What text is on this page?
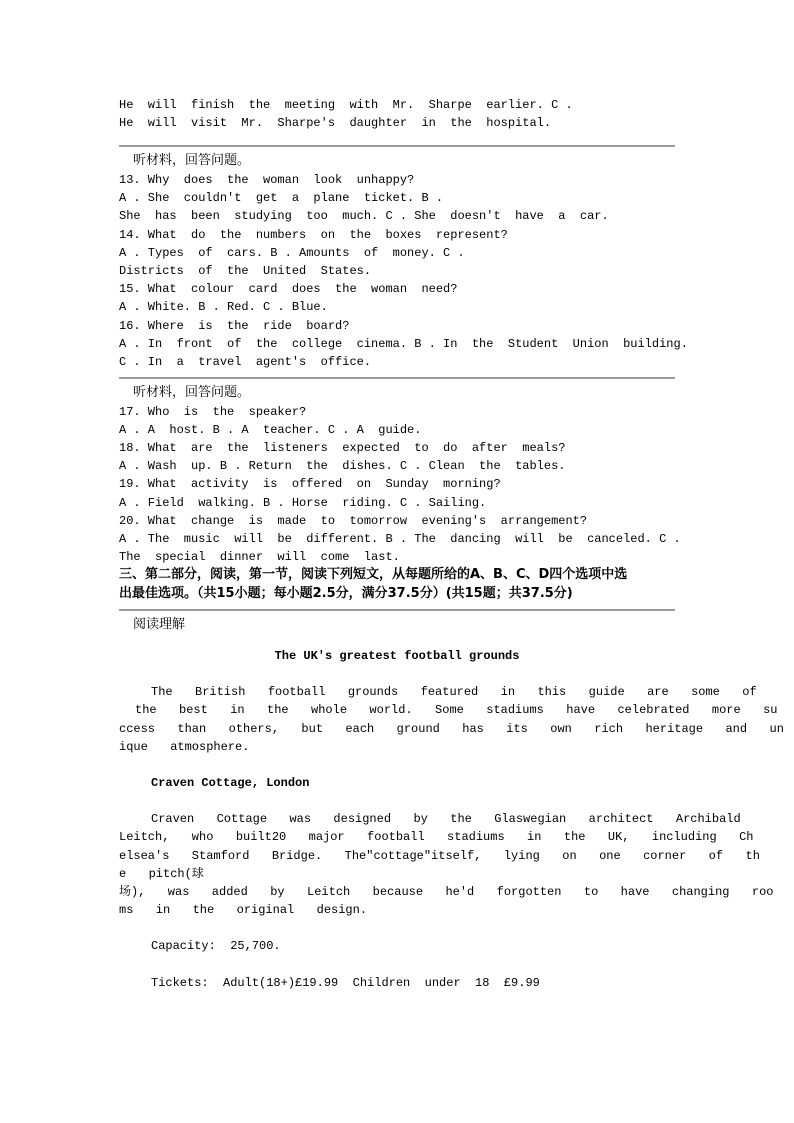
He  will  finish  the  meeting  with  Mr.  Sharpe  earlier. C .
He  will  visit  Mr.  Sharpe's  daughter  in  the  hospital.
听材料，回答问题。
13. Why  does  the  woman  look  unhappy?
A . She  couldn't  get  a  plane  ticket. B .
She  has  been  studying  too  much. C . She  doesn't  have  a  car.
14. What  do  the  numbers  on  the  boxes  represent?
A . Types  of  cars. B . Amounts  of  money. C .
Districts  of  the  United  States.
15. What  colour  card  does  the  woman  need?
A . White. B . Red. C . Blue.
16. Where  is  the  ride  board?
A . In  front  of  the  college  cinema. B . In  the  Student  Union  building.
C . In  a  travel  agent's  office.
听材料，回答问题。
17. Who  is  the  speaker?
A . A  host. B . A  teacher. C . A  guide.
18. What  are  the  listeners  expected  to  do  after  meals?
A . Wash  up. B . Return  the  dishes. C . Clean  the  tables.
19. What  activity  is  offered  on  Sunday  morning?
A . Field  walking. B . Horse  riding. C . Sailing.
20. What  change  is  made  to  tomorrow  evening's  arrangement?
A . The  music  will  be  different. B . The  dancing  will  be  canceled. C .
The  special  dinner  will  come  last.
三、第二部分，阅读，第一节，阅读下列短文，从每题所给的A、B、C、D四个选项中选
出最佳选项。（共15小题；每小题2.5分，满分37.5分）(共15题；共37.5分)
阅读理解
The UK's greatest football grounds
The  British  football  grounds  featured  in  this  guide  are  some  of
the  best  in  the  whole  world.  Some  stadiums  have  celebrated  more  su
ccess  than  others,  but  each  ground  has  its  own  rich  heritage  and  un
ique  atmosphere.
Craven Cottage, London
Craven  Cottage  was  designed  by  the  Glaswegian  architect  Archibald
Leitch,  who  built20  major  football  stadiums  in  the  UK,  including  Ch
elsea's  Stamford  Bridge.  The"cottage"itself,  lying  on  one  corner  of  th
e  pitch(球
场),  was  added  by  Leitch  because  he'd  forgotten  to  have  changing  roo
ms  in  the  original  design.
Capacity:  25,700.
Tickets:  Adult(18+)£19.99  Children  under  18  £9.99
